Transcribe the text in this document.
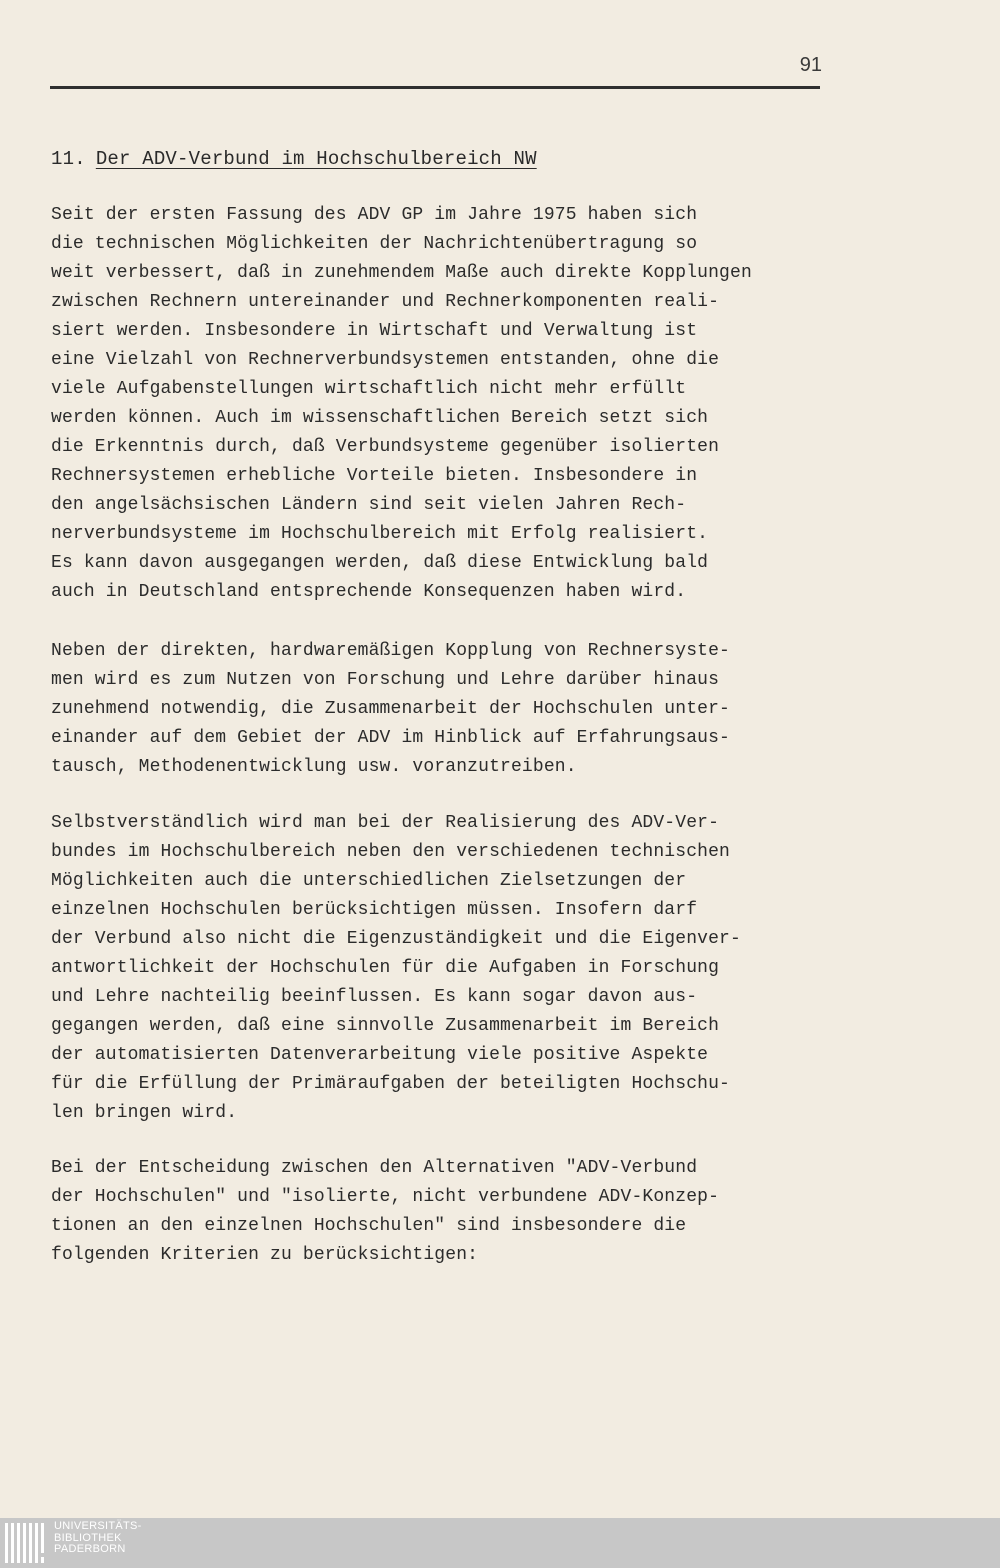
91
11. Der ADV-Verbund im Hochschulbereich NW
Seit der ersten Fassung des ADV GP im Jahre 1975 haben sich
die technischen Möglichkeiten der Nachrichtenübertragung so
weit verbessert, daß in zunehmendem Maße auch direkte Kopplungen
zwischen Rechnern untereinander und Rechnerkomponenten reali-
siert werden. Insbesondere in Wirtschaft und Verwaltung ist
eine Vielzahl von Rechnerverbundsystemen entstanden, ohne die
viele Aufgabenstellungen wirtschaftlich nicht mehr erfüllt
werden können. Auch im wissenschaftlichen Bereich setzt sich
die Erkenntnis durch, daß Verbundsysteme gegenüber isolierten
Rechnersystemen erhebliche Vorteile bieten. Insbesondere in
den angelsächsischen Ländern sind seit vielen Jahren Rech-
nerverbundsysteme im Hochschulbereich mit Erfolg realisiert.
Es kann davon ausgegangen werden, daß diese Entwicklung bald
auch in Deutschland entsprechende Konsequenzen haben wird.
Neben der direkten, hardwaremäßigen Kopplung von Rechnersyste-
men wird es zum Nutzen von Forschung und Lehre darüber hinaus
zunehmend notwendig, die Zusammenarbeit der Hochschulen unter-
einander auf dem Gebiet der ADV im Hinblick auf Erfahrungsaus-
tausch, Methodenentwicklung usw. voranzutreiben.
Selbstverständlich wird man bei der Realisierung des ADV-Ver-
bundes im Hochschulbereich neben den verschiedenen technischen
Möglichkeiten auch die unterschiedlichen Zielsetzungen der
einzelnen Hochschulen berücksichtigen müssen. Insofern darf
der Verbund also nicht die Eigenzuständigkeit und die Eigenver-
antwortlichkeit der Hochschulen für die Aufgaben in Forschung
und Lehre nachteilig beeinflussen. Es kann sogar davon aus-
gegangen werden, daß eine sinnvolle Zusammenarbeit im Bereich
der automatisierten Datenverarbeitung viele positive Aspekte
für die Erfüllung der Primäraufgaben der beteiligten Hochschu-
len bringen wird.
Bei der Entscheidung zwischen den Alternativen "ADV-Verbund
der Hochschulen" und "isolierte, nicht verbundene ADV-Konzep-
tionen an den einzelnen Hochschulen" sind insbesondere die
folgenden Kriterien zu berücksichtigen:
UNIVERSITÄTS-
BIBLIOTHEK
PADERBORN
